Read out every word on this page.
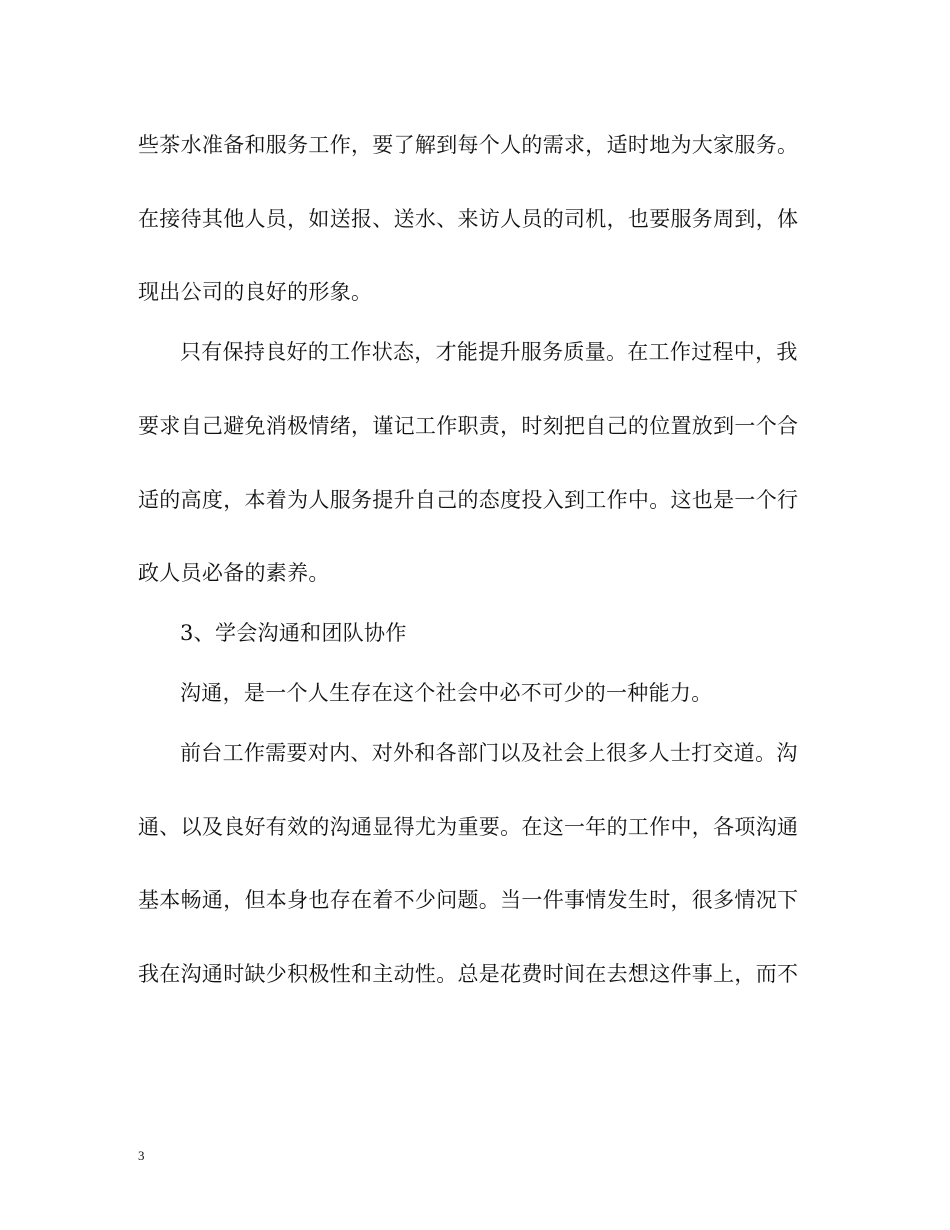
些茶水准备和服务工作，要了解到每个人的需求，适时地为大家服务。
在接待其他人员，如送报、送水、来访人员的司机，也要服务周到，体
现出公司的良好的形象。
只有保持良好的工作状态，才能提升服务质量。在工作过程中，我
要求自己避免消极情绪，谨记工作职责，时刻把自己的位置放到一个合
适的高度，本着为人服务提升自己的态度投入到工作中。这也是一个行
政人员必备的素养。
3、学会沟通和团队协作
沟通，是一个人生存在这个社会中必不可少的一种能力。
前台工作需要对内、对外和各部门以及社会上很多人士打交道。沟
通、以及良好有效的沟通显得尤为重要。在这一年的工作中，各项沟通
基本畅通，但本身也存在着不少问题。当一件事情发生时，很多情况下
我在沟通时缺少积极性和主动性。总是花费时间在去想这件事上，而不
3
